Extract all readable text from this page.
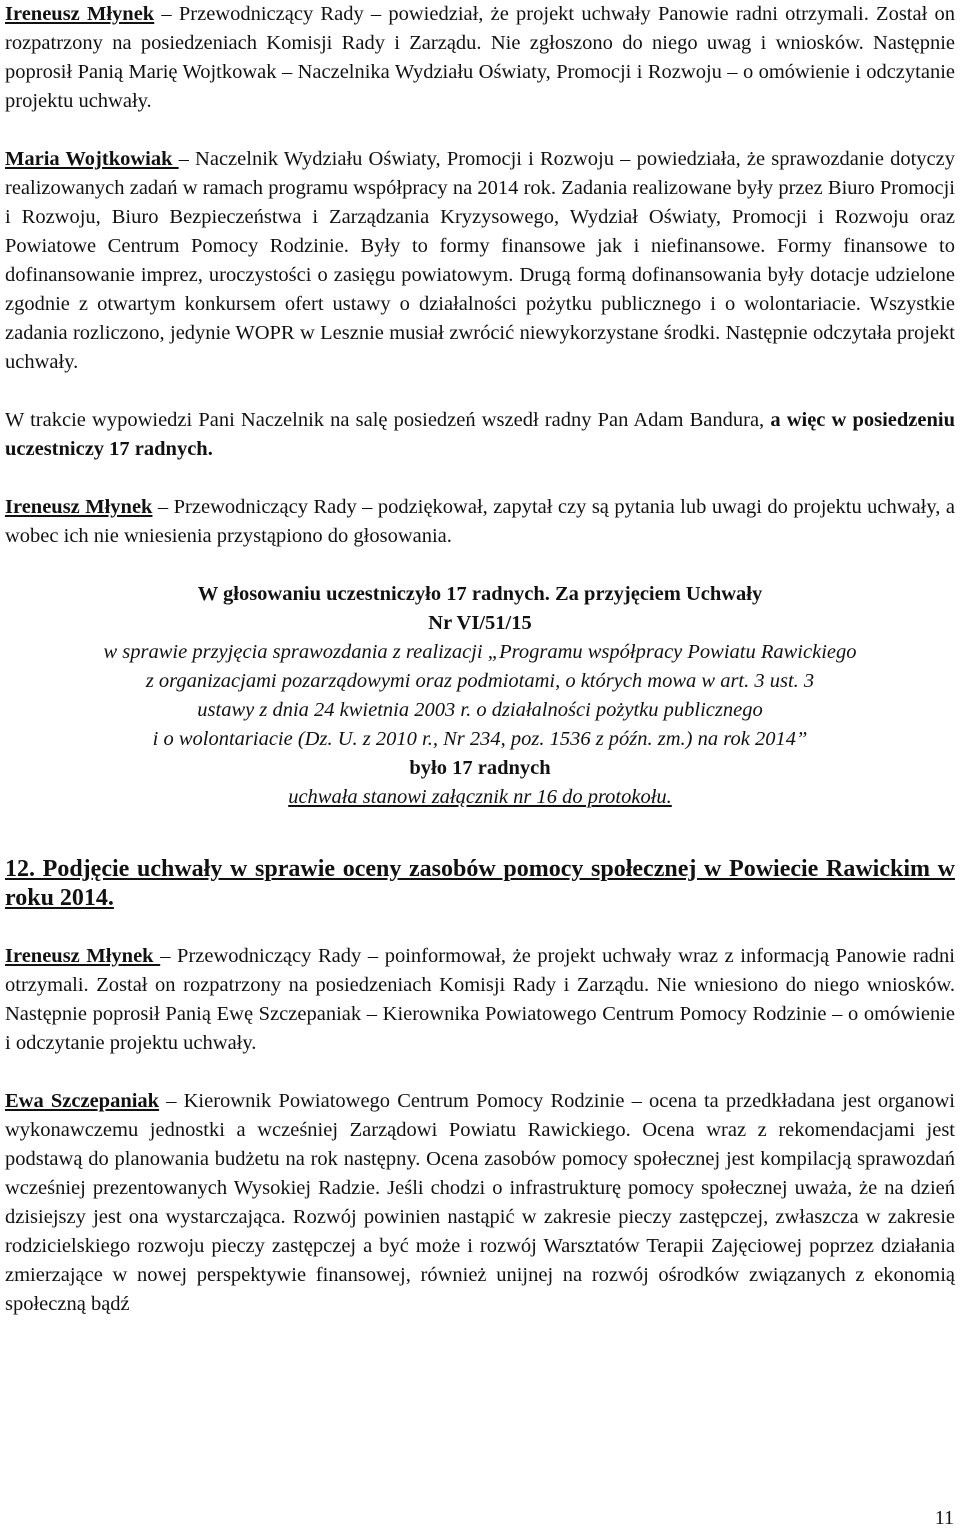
Ireneusz Młynek – Przewodniczący Rady – powiedział, że projekt uchwały Panowie radni otrzymali. Został on rozpatrzony na posiedzeniach Komisji Rady i Zarządu. Nie zgłoszono do niego uwag i wniosków. Następnie poprosił Panią Marię Wojtkowak – Naczelnika Wydziału Oświaty, Promocji i Rozwoju – o omówienie i odczytanie projektu uchwały.

Maria Wojtkowiak – Naczelnik Wydziału Oświaty, Promocji i Rozwoju – powiedziała, że sprawozdanie dotyczy realizowanych zadań w ramach programu współpracy na 2014 rok. Zadania realizowane były przez Biuro Promocji i Rozwoju, Biuro Bezpieczeństwa i Zarządzania Kryzysowego, Wydział Oświaty, Promocji i Rozwoju oraz Powiatowe Centrum Pomocy Rodzinie. Były to formy finansowe jak i niefinansowe. Formy finansowe to dofinansowanie imprez, uroczystości o zasięgu powiatowym. Drugą formą dofinansowania były dotacje udzielone zgodnie z otwartym konkursem ofert ustawy o działalności pożytku publicznego i o wolontariacie. Wszystkie zadania rozliczono, jedynie WOPR w Lesznie musiał zwrócić niewykorzystane środki. Następnie odczytała projekt uchwały.

W trakcie wypowiedzi Pani Naczelnik na salę posiedzeń wszedł radny Pan Adam Bandura, a więc w posiedzeniu uczestniczy 17 radnych.

Ireneusz Młynek – Przewodniczący Rady – podziękował, zapytał czy są pytania lub uwagi do projektu uchwały, a wobec ich nie wniesienia przystąpiono do głosowania.

W głosowaniu uczestniczyło 17 radnych. Za przyjęciem Uchwały
Nr VI/51/15
w sprawie przyjęcia sprawozdania z realizacji „Programu współpracy Powiatu Rawickiego
z organizacjami pozarządowymi oraz podmiotami, o których mowa w art. 3 ust. 3
ustawy z dnia 24 kwietnia 2003 r. o działalności pożytku publicznego
i o wolontariacie (Dz. U. z 2010 r., Nr 234, poz. 1536 z późn. zm.) na rok 2014”
było 17 radnych
uchwała stanowi załącznik nr 16 do protokołu.

12. Podjęcie uchwały w sprawie oceny zasobów pomocy społecznej w Powiecie Rawickim w roku 2014.

Ireneusz Młynek – Przewodniczący Rady – poinformował, że projekt uchwały wraz z informacją Panowie radni otrzymali. Został on rozpatrzony na posiedzeniach Komisji Rady i Zarządu. Nie wniesiono do niego wniosków. Następnie poprosił Panią Ewę Szczepaniak – Kierownika Powiatowego Centrum Pomocy Rodzinie – o omówienie i odczytanie projektu uchwały.

Ewa Szczepaniak – Kierownik Powiatowego Centrum Pomocy Rodzinie – ocena ta przedkładana jest organowi wykonawczemu jednostki a wcześniej Zarządowi Powiatu Rawickiego. Ocena wraz z rekomendacjami jest podstawą do planowania budżetu na rok następny. Ocena zasobów pomocy społecznej jest kompilacją sprawozdań wcześniej prezentowanych Wysokiej Radzie. Jeśli chodzi o infrastrukturę pomocy społecznej uważa, że na dzień dzisiejszy jest ona wystarczająca. Rozwój powinien nastąpić w zakresie pieczy zastępczej, zwłaszcza w zakresie rodzicielskiego rozwoju pieczy zastępczej a być może i rozwój Warsztatów Terapii Zajęciowej poprzez działania zmierzające w nowej perspektywie finansowej, również unijnej na rozwój ośrodków związanych z ekonomią społeczną bądź

11
